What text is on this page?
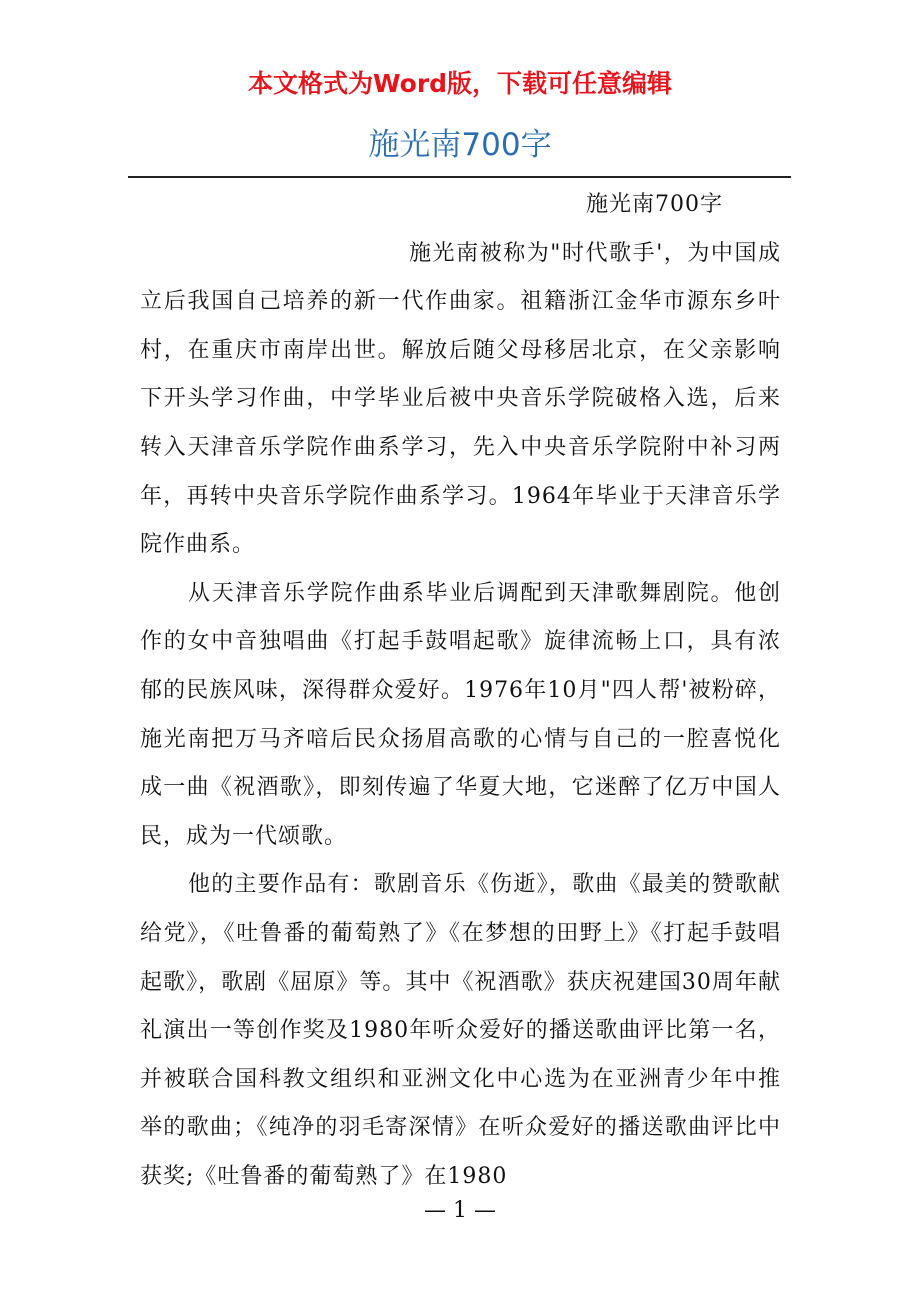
本文格式为Word版，下载可任意编辑
施光南700字

施光南700字

施光南被称为"时代歌手'，为中国成立后我国自己培养的新一代作曲家。祖籍浙江金华市源东乡叶村，在重庆市南岸出世。解放后随父母移居北京，在父亲影响下开头学习作曲，中学毕业后被中央音乐学院破格入选，后来转入天津音乐学院作曲系学习，先入中央音乐学院附中补习两年，再转中央音乐学院作曲系学习。1964年毕业于天津音乐学院作曲系。

从天津音乐学院作曲系毕业后调配到天津歌舞剧院。他创作的女中音独唱曲《打起手鼓唱起歌》旋律流畅上口，具有浓郁的民族风味，深得群众爱好。1976年10月"四人帮'被粉碎，施光南把万马齐喑后民众扬眉高歌的心情与自己的一腔喜悦化成一曲《祝酒歌》，即刻传遍了华夏大地，它迷醉了亿万中国人民，成为一代颂歌。

他的主要作品有：歌剧音乐《伤逝》，歌曲《最美的赞歌献给党》，《吐鲁番的葡萄熟了》《在梦想的田野上》《打起手鼓唱起歌》，歌剧《屈原》等。其中《祝酒歌》获庆祝建国30周年献礼演出一等创作奖及1980年听众爱好的播送歌曲评比第一名，并被联合国科教文组织和亚洲文化中心选为在亚洲青少年中推举的歌曲；《纯净的羽毛寄深情》在听众爱好的播送歌曲评比中获奖;《吐鲁番的葡萄熟了》在1980

— 1 —
